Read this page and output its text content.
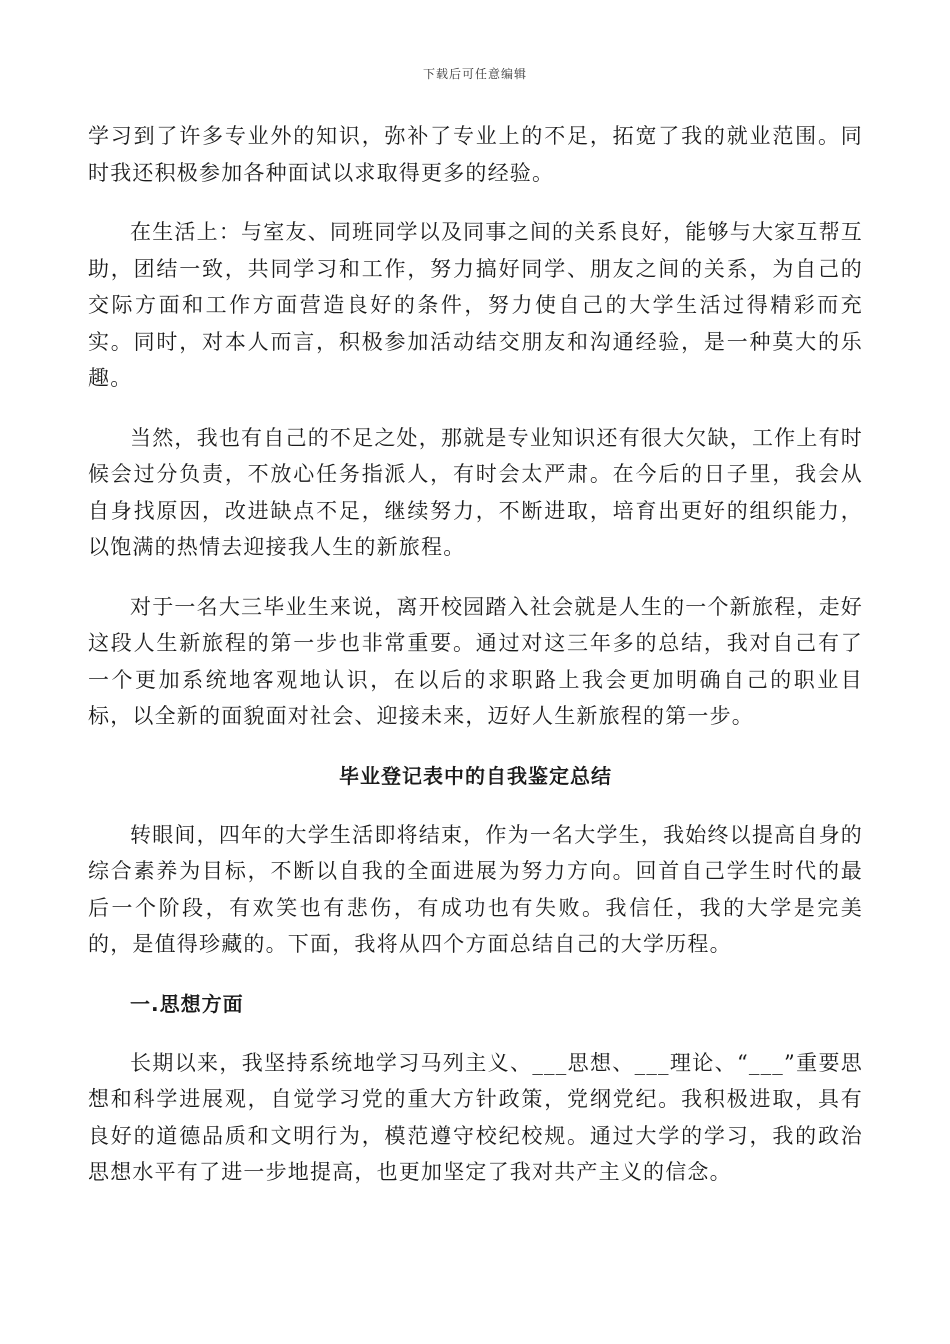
下载后可任意编辑

学习到了许多专业外的知识，弥补了专业上的不足，拓宽了我的就业范围。同时我还积极参加各种面试以求取得更多的经验。

在生活上：与室友、同班同学以及同事之间的关系良好，能够与大家互帮互助，团结一致，共同学习和工作，努力搞好同学、朋友之间的关系，为自己的交际方面和工作方面营造良好的条件，努力使自己的大学生活过得精彩而充实。同时，对本人而言，积极参加活动结交朋友和沟通经验，是一种莫大的乐趣。

当然，我也有自己的不足之处，那就是专业知识还有很大欠缺，工作上有时候会过分负责，不放心任务指派人，有时会太严肃。在今后的日子里，我会从自身找原因，改进缺点不足，继续努力，不断进取，培育出更好的组织能力，以饱满的热情去迎接我人生的新旅程。

对于一名大三毕业生来说，离开校园踏入社会就是人生的一个新旅程，走好这段人生新旅程的第一步也非常重要。通过对这三年多的总结，我对自己有了一个更加系统地客观地认识，在以后的求职路上我会更加明确自己的职业目标，以全新的面貌面对社会、迎接未来，迈好人生新旅程的第一步。

毕业登记表中的自我鉴定总结

转眼间，四年的大学生活即将结束，作为一名大学生，我始终以提高自身的综合素养为目标，不断以自我的全面进展为努力方向。回首自己学生时代的最后一个阶段，有欢笑也有悲伤，有成功也有失败。我信任，我的大学是完美的，是值得珍藏的。下面，我将从四个方面总结自己的大学历程。

一.思想方面

长期以来，我坚持系统地学习马列主义、___思想、___理论、“___”重要思想和科学进展观，自觉学习党的重大方针政策，党纲党纪。我积极进取，具有良好的道德品质和文明行为，模范遵守校纪校规。通过大学的学习，我的政治思想水平有了进一步地提高，也更加坚定了我对共产主义的信念。
